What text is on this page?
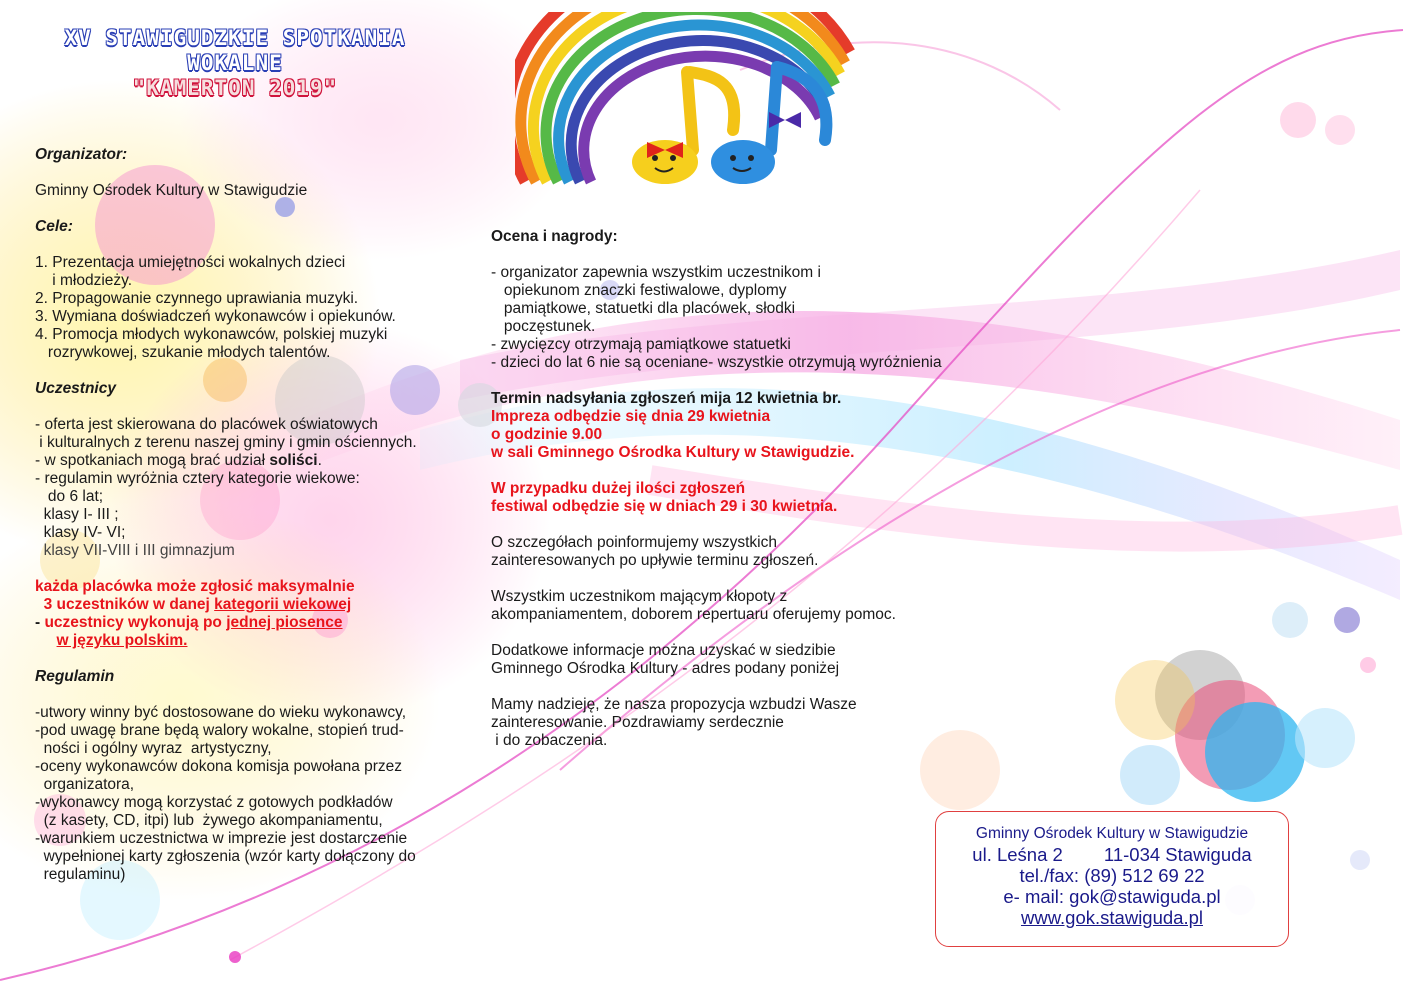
XV STAWIGUDZKIE SPOTKANIA
WOKALNE
"KAMERTON 2019"
Organizator:
Gminny Ośrodek Kultury w Stawigudzie
Cele:
1. Prezentacja umiejętności wokalnych dzieci
i młodzieży.
2. Propagowanie czynnego uprawiania muzyki.
3. Wymiana doświadczeń wykonawców i opiekunów.
4. Promocja młodych wykonawców, polskiej muzyki
rozrywkowej, szukanie młodych talentów.
Uczestnicy
- oferta jest skierowana do placówek oświatowych
i kulturalnych z terenu naszej gminy i gmin ościennych.
- w spotkaniach mogą brać udział soliści.
- regulamin wyróżnia cztery kategorie wiekowe:
do 6 lat;
klasy I- III ;
klasy IV- VI;
klasy VII-VIII i III gimnazjum
każda placówka może zgłosić maksymalnie
3 uczestników w danej kategorii wiekowej
- uczestnicy wykonują po jednej piosence
w języku polskim.
Regulamin
-utwory winny być dostosowane do wieku wykonawcy,
-pod uwagę brane będą walory wokalne, stopień trud-
ności i ogólny wyraz  artystyczny,
-oceny wykonawców dokona komisja powołana przez
organizatora,
-wykonawcy mogą korzystać z gotowych podkładów
(z kasety, CD, itpi) lub  żywego akompaniamentu,
-warunkiem uczestnictwa w imprezie jest dostarczenie
wypełnionej karty zgłoszenia (wzór karty dołączony do
regulaminu)
Ocena i nagrody:
- organizator zapewnia wszystkim uczestnikom i
opiekunom znaczki festiwalowe, dyplomy
pamiątkowe, statuetki dla placówek, słodki
poczęstunek.
- zwycięzcy otrzymają pamiątkowe statuetki
- dzieci do lat 6 nie są oceniane- wszystkie otrzymują wyróżnienia
Termin nadsyłania zgłoszeń mija 12 kwietnia br.
Impreza odbędzie się dnia 29 kwietnia
o godzinie 9.00
w sali Gminnego Ośrodka Kultury w Stawigudzie.
W przypadku dużej ilości zgłoszeń
festiwal odbędzie się w dniach 29 i 30 kwietnia.
O szczegółach poinformujemy wszystkich
zainteresowanych po upływie terminu zgłoszeń.
Wszystkim uczestnikom mającym kłopoty z
akompaniamentem, doborem repertuaru oferujemy pomoc.
Dodatkowe informacje można uzyskać w siedzibie
Gminnego Ośrodka Kultury - adres podany poniżej
Mamy nadzieję, że nasza propozycja wzbudzi Wasze
zainteresowanie. Pozdrawiamy serdecznie
i do zobaczenia.
Gminny Ośrodek Kultury w Stawigudzie
ul. Leśna 2        11-034 Stawiguda
tel./fax: (89) 512 69 22
e- mail: gok@stawiguda.pl
www.gok.stawiguda.pl
